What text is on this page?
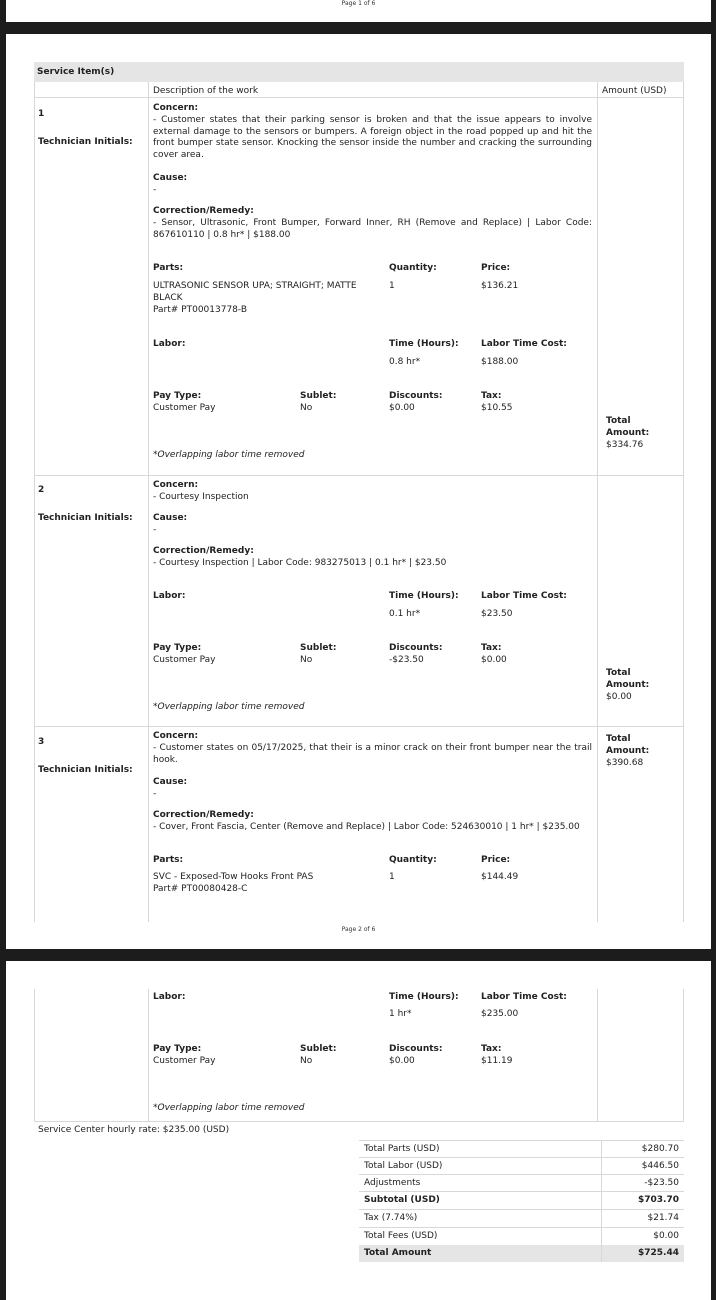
Page 1 of 6
Service Item(s)
Description of the work	Amount (USD)
1
Technician Initials:
Concern:
- Customer states that their parking sensor is broken and that the issue appears to involve external damage to the sensors or bumpers. A foreign object in the road popped up and hit the front bumper state sensor. Knocking the sensor inside the number and cracking the surrounding cover area.
Cause:
-
Correction/Remedy:
- Sensor, Ultrasonic, Front Bumper, Forward Inner, RH (Remove and Replace) | Labor Code: 867610110 | 0.8 hr* | $188.00
Parts:	Quantity:	Price:
ULTRASONIC SENSOR UPA; STRAIGHT; MATTE BLACK
Part# PT00013778-B
1	$136.21
Labor:	Time (Hours): Labor Time Cost:
0.8 hr*	$188.00
Pay Type:	Sublet:	Discounts:	Tax:
Customer Pay	No	$0.00	$10.55
Total Amount:
$334.76
*Overlapping labor time removed
2
Technician Initials:
Concern:
- Courtesy Inspection
Cause:
-
Correction/Remedy:
- Courtesy Inspection | Labor Code: 983275013 | 0.1 hr* | $23.50
Labor:	Time (Hours): Labor Time Cost:
0.1 hr*	$23.50
Pay Type:	Sublet:	Discounts:	Tax:
Customer Pay	No	-$23.50	$0.00
Total Amount:
$0.00
*Overlapping labor time removed
3
Technician Initials:
Concern:
- Customer states on 05/17/2025, that their is a minor crack on their front bumper near the trail hook.
Total Amount:
$390.68
Cause:
-
Correction/Remedy:
- Cover, Front Fascia, Center (Remove and Replace) | Labor Code: 524630010 | 1 hr* | $235.00
Parts:	Quantity:	Price:
SVC - Exposed-Tow Hooks Front PAS
Part# PT00080428-C
1	$144.49
Page 2 of 6
Labor:	Time (Hours): Labor Time Cost:
1 hr*	$235.00
Pay Type:	Sublet:	Discounts:	Tax:
Customer Pay	No	$0.00	$11.19
*Overlapping labor time removed
Service Center hourly rate: $235.00 (USD)
Total Parts (USD)	$280.70
Total Labor (USD)	$446.50
Adjustments	-$23.50
Subtotal (USD)	$703.70
Tax (7.74%)	$21.74
Total Fees (USD)	$0.00
Total Amount	$725.44
